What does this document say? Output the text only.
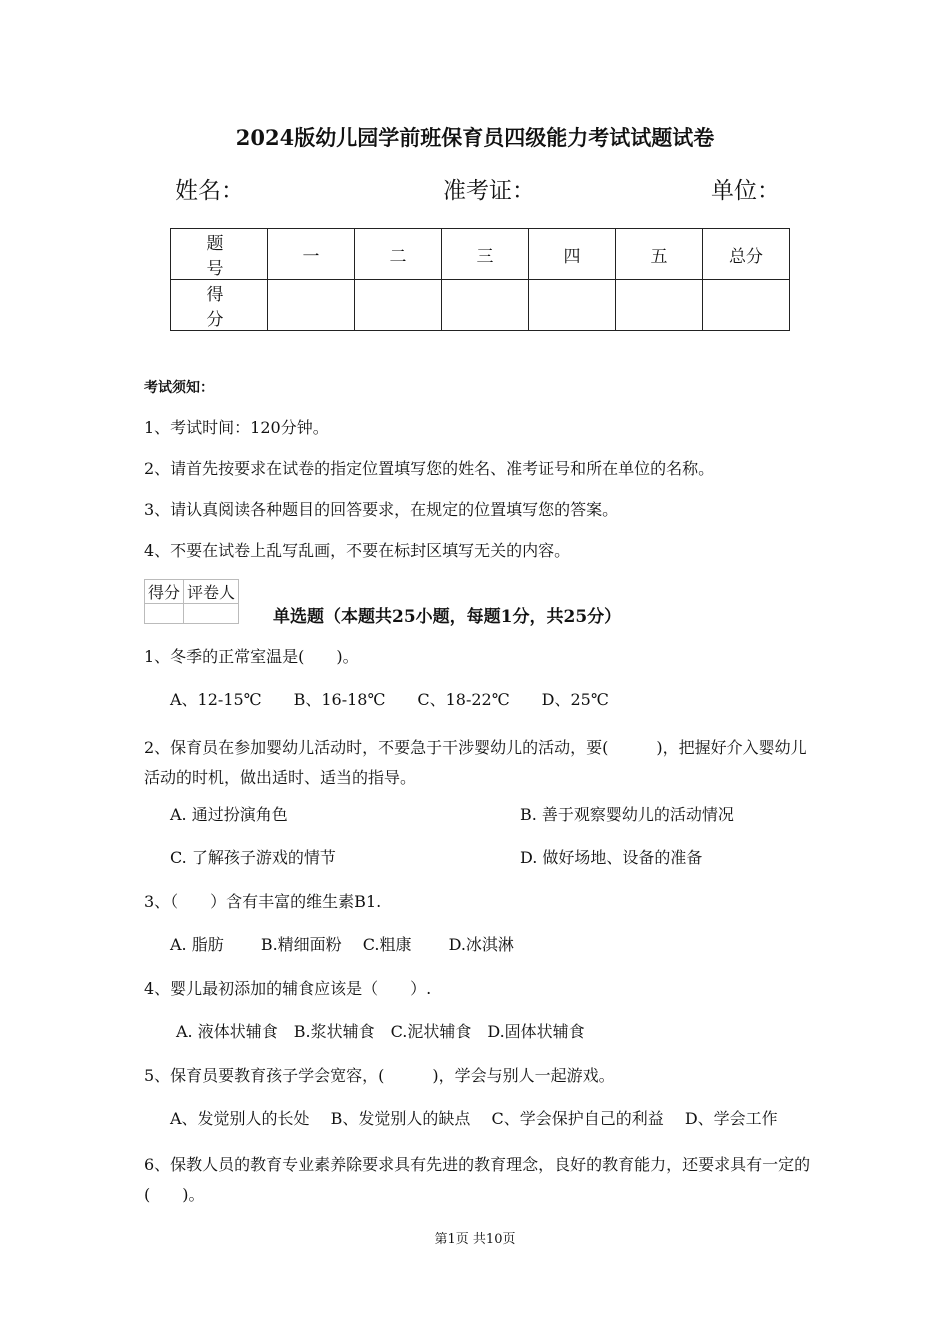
2024版幼儿园学前班保育员四级能力考试试题试卷
姓名：	准考证：	单位：
题　号	一	二	三	四	五	总分
得　分						
考试须知：
1、考试时间：120分钟。
2、请首先按要求在试卷的指定位置填写您的姓名、准考证号和所在单位的名称。
3、请认真阅读各种题目的回答要求，在规定的位置填写您的答案。
4、不要在试卷上乱写乱画，不要在标封区填写无关的内容。
得分	评卷人

单选题（本题共25小题，每题1分，共25分）
1、冬季的正常室温是(　　)。
A、12-15℃　　B、16-18℃　　C、18-22℃　　D、25℃
2、保育员在参加婴幼儿活动时，不要急于干涉婴幼儿的活动，要(　　　)，把握好介入婴幼儿活动的时机，做出适时、适当的指导。
A. 通过扮演角色	B. 善于观察婴幼儿的活动情况
C. 了解孩子游戏的情节	D. 做好场地、设备的准备
3、（　　）含有丰富的维生素B1.
A. 脂肪　　 B.精细面粉　 C.粗康　　 D.冰淇淋
4、婴儿最初添加的辅食应该是（　　）.
A. 液体状辅食　B.浆状辅食　C.泥状辅食　D.固体状辅食
5、保育员要教育孩子学会宽容，(　　　)，学会与别人一起游戏。
A、发觉别人的长处　 B、发觉别人的缺点　 C、学会保护自己的利益　 D、学会工作
6、保教人员的教育专业素养除要求具有先进的教育理念，良好的教育能力，还要求具有一定的(　　)。
第1页 共10页
